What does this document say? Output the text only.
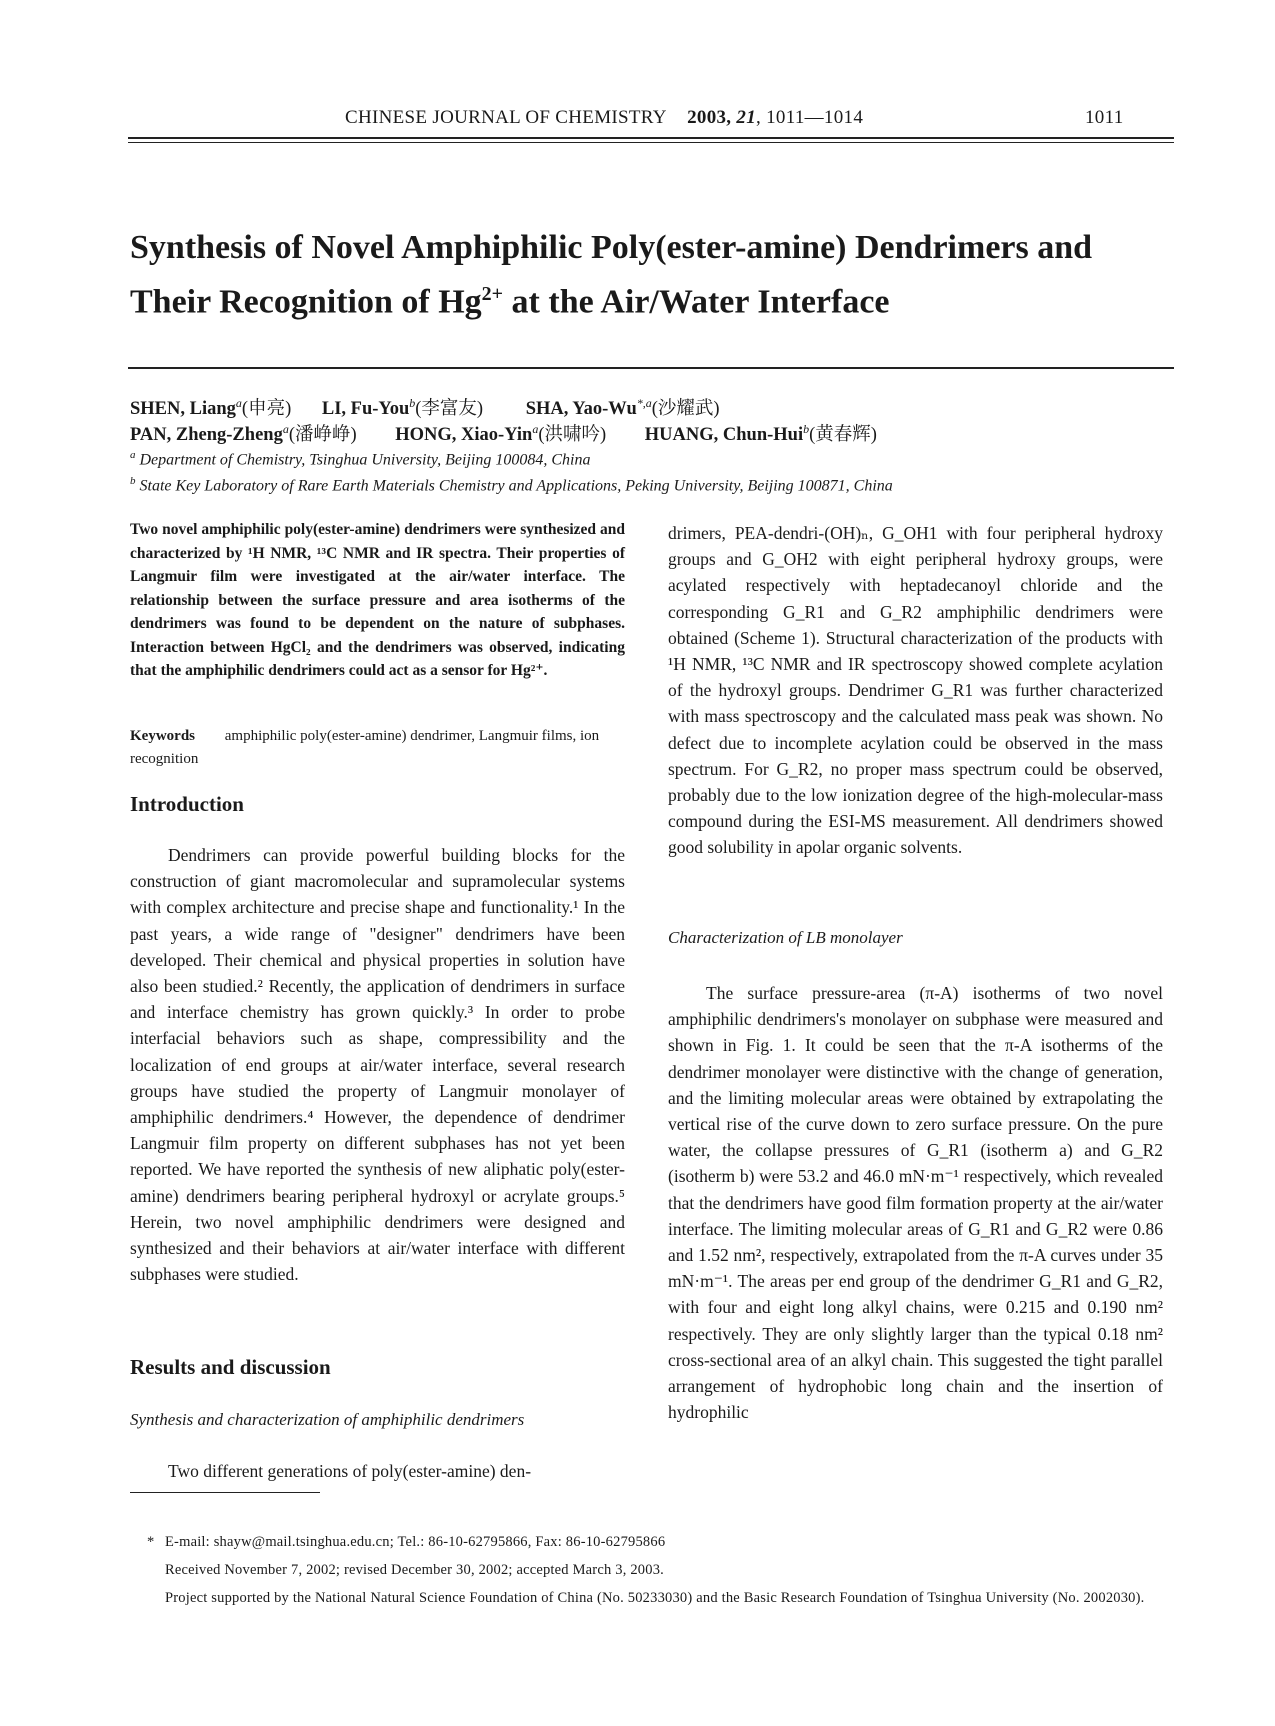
CHINESE JOURNAL OF CHEMISTRY 2003, 21, 1011—1014	1011
Synthesis of Novel Amphiphilic Poly(ester-amine) Dendrimers and
Their Recognition of $Hg^{2+}$ at the Air/Water Interface
SHEN, Liang$^a$(申亮) LI, Fu-You$^b$(李富友) SHA, Yao-$Wu^{*,a}$(沙耀武)
PAN, Zheng-Zheng$^a$(潘峥峥) HONG, Xiao-Yin$^a$(洪啸吟) HUANG, Chun-Hui$^b$(黄春辉)
$^a$ Department of Chemistry, Tsinghua University, Beijing 100084, China
$^b$ State Key Laboratory of Rare Earth Materials Chemistry and Applications, Peking University, Beijing 100871, China
Two novel amphiphilic poly(ester-amine) dendrimers were synthesized and characterized by ¹H NMR, ¹³C NMR and IR spectra. Their properties of Langmuir film were investigated at the air/water interface. The relationship between the surface pressure and area isotherms of the dendrimers was found to be dependent on the nature of subphases. Interaction between HgCl₂ and the dendrimers was observed, indicating that the amphiphilic dendrimers could act as a sensor for Hg²⁺.
Keywords amphiphilic poly(ester-amine) dendrimer, Langmuir films, ion recognition
Introduction
Dendrimers can provide powerful building blocks for the construction of giant macromolecular and supramolecular systems with complex architecture and precise shape and functionality.¹ In the past years, a wide range of "designer" dendrimers have been developed. Their chemical and physical properties in solution have also been studied.² Recently, the application of dendrimers in surface and interface chemistry has grown quickly.³ In order to probe interfacial behaviors such as shape, compressibility and the localization of end groups at air/water interface, several research groups have studied the property of Langmuir monolayer of amphiphilic dendrimers.⁴ However, the dependence of dendrimer Langmuir film property on different subphases has not yet been reported. We have reported the synthesis of new aliphatic poly(ester-amine) dendrimers bearing peripheral hydroxyl or acrylate groups.⁵ Herein, two novel amphiphilic dendrimers were designed and synthesized and their behaviors at air/water interface with different subphases were studied.
Results and discussion
Synthesis and characterization of amphiphilic dendrimers
Two different generations of poly(ester-amine) den-
drimers, PEA-dendri-(OH)ₙ, G_OH1 with four peripheral hydroxy groups and G_OH2 with eight peripheral hydroxy groups, were acylated respectively with heptadecanoyl chloride and the corresponding G_R1 and G_R2 amphiphilic dendrimers were obtained (Scheme 1). Structural characterization of the products with ¹H NMR, ¹³C NMR and IR spectroscopy showed complete acylation of the hydroxyl groups. Dendrimer G_R1 was further characterized with mass spectroscopy and the calculated mass peak was shown. No defect due to incomplete acylation could be observed in the mass spectrum. For G_R2, no proper mass spectrum could be observed, probably due to the low ionization degree of the high-molecular-mass compound during the ESI-MS measurement. All dendrimers showed good solubility in apolar organic solvents.
Characterization of LB monolayer
The surface pressure-area (π-A) isotherms of two novel amphiphilic dendrimers's monolayer on subphase were measured and shown in Fig. 1. It could be seen that the π-A isotherms of the dendrimer monolayer were distinctive with the change of generation, and the limiting molecular areas were obtained by extrapolating the vertical rise of the curve down to zero surface pressure. On the pure water, the collapse pressures of G_R1 (isotherm a) and G_R2 (isotherm b) were 53.2 and 46.0 mN·m⁻¹ respectively, which revealed that the dendrimers have good film formation property at the air/water interface. The limiting molecular areas of G_R1 and G_R2 were 0.86 and 1.52 nm², respectively, extrapolated from the π-A curves under 35 mN·m⁻¹. The areas per end group of the dendrimer G_R1 and G_R2, with four and eight long alkyl chains, were 0.215 and 0.190 nm² respectively. They are only slightly larger than the typical 0.18 nm² cross-sectional area of an alkyl chain. This suggested the tight parallel arrangement of hydrophobic long chain and the insertion of hydrophilic
* E-mail: shayw@mail.tsinghua.edu.cn; Tel.: 86-10-62795866, Fax: 86-10-62795866
Received November 7, 2002; revised December 30, 2002; accepted March 3, 2003.
Project supported by the National Natural Science Foundation of China (No. 50233030) and the Basic Research Foundation of Tsinghua University (No. 2002030).
